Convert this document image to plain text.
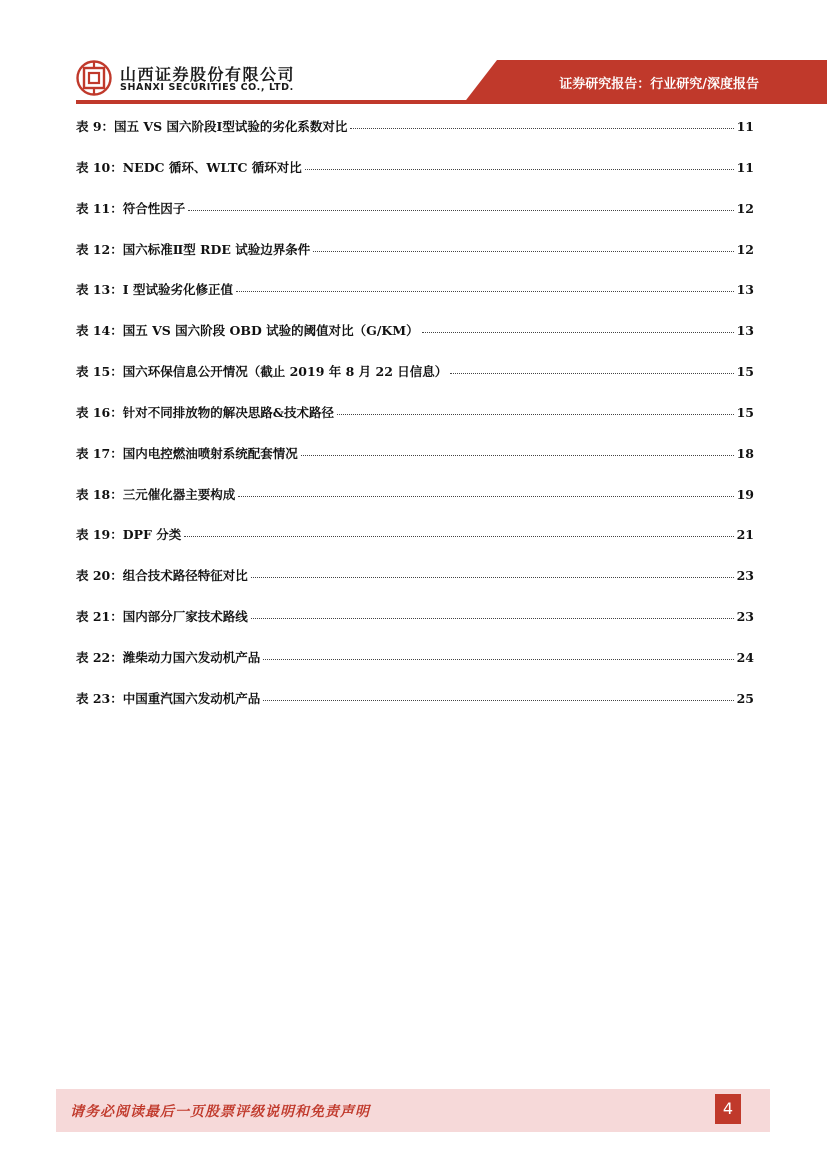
山西证券股份有限公司
SHANXI SECURITIES CO., LTD.	证券研究报告：行业研究/深度报告
表 9：国五 VS 国六阶段Ⅰ型试验的劣化系数对比	11
表 10：NEDC 循环、WLTC 循环对比	11
表 11：符合性因子	12
表 12：国六标准Ⅱ型 RDE 试验边界条件	12
表 13：I 型试验劣化修正值	13
表 14：国五 VS 国六阶段 OBD 试验的阈值对比（G/KM）	13
表 15：国六环保信息公开情况（截止 2019 年 8 月 22 日信息）	15
表 16：针对不同排放物的解决思路&技术路径	15
表 17：国内电控燃油喷射系统配套情况	18
表 18：三元催化器主要构成	19
表 19：DPF 分类	21
表 20：组合技术路径特征对比	23
表 21：国内部分厂家技术路线	23
表 22：潍柴动力国六发动机产品	24
表 23：中国重汽国六发动机产品	25
请务必阅读最后一页股票评级说明和免责声明	4
